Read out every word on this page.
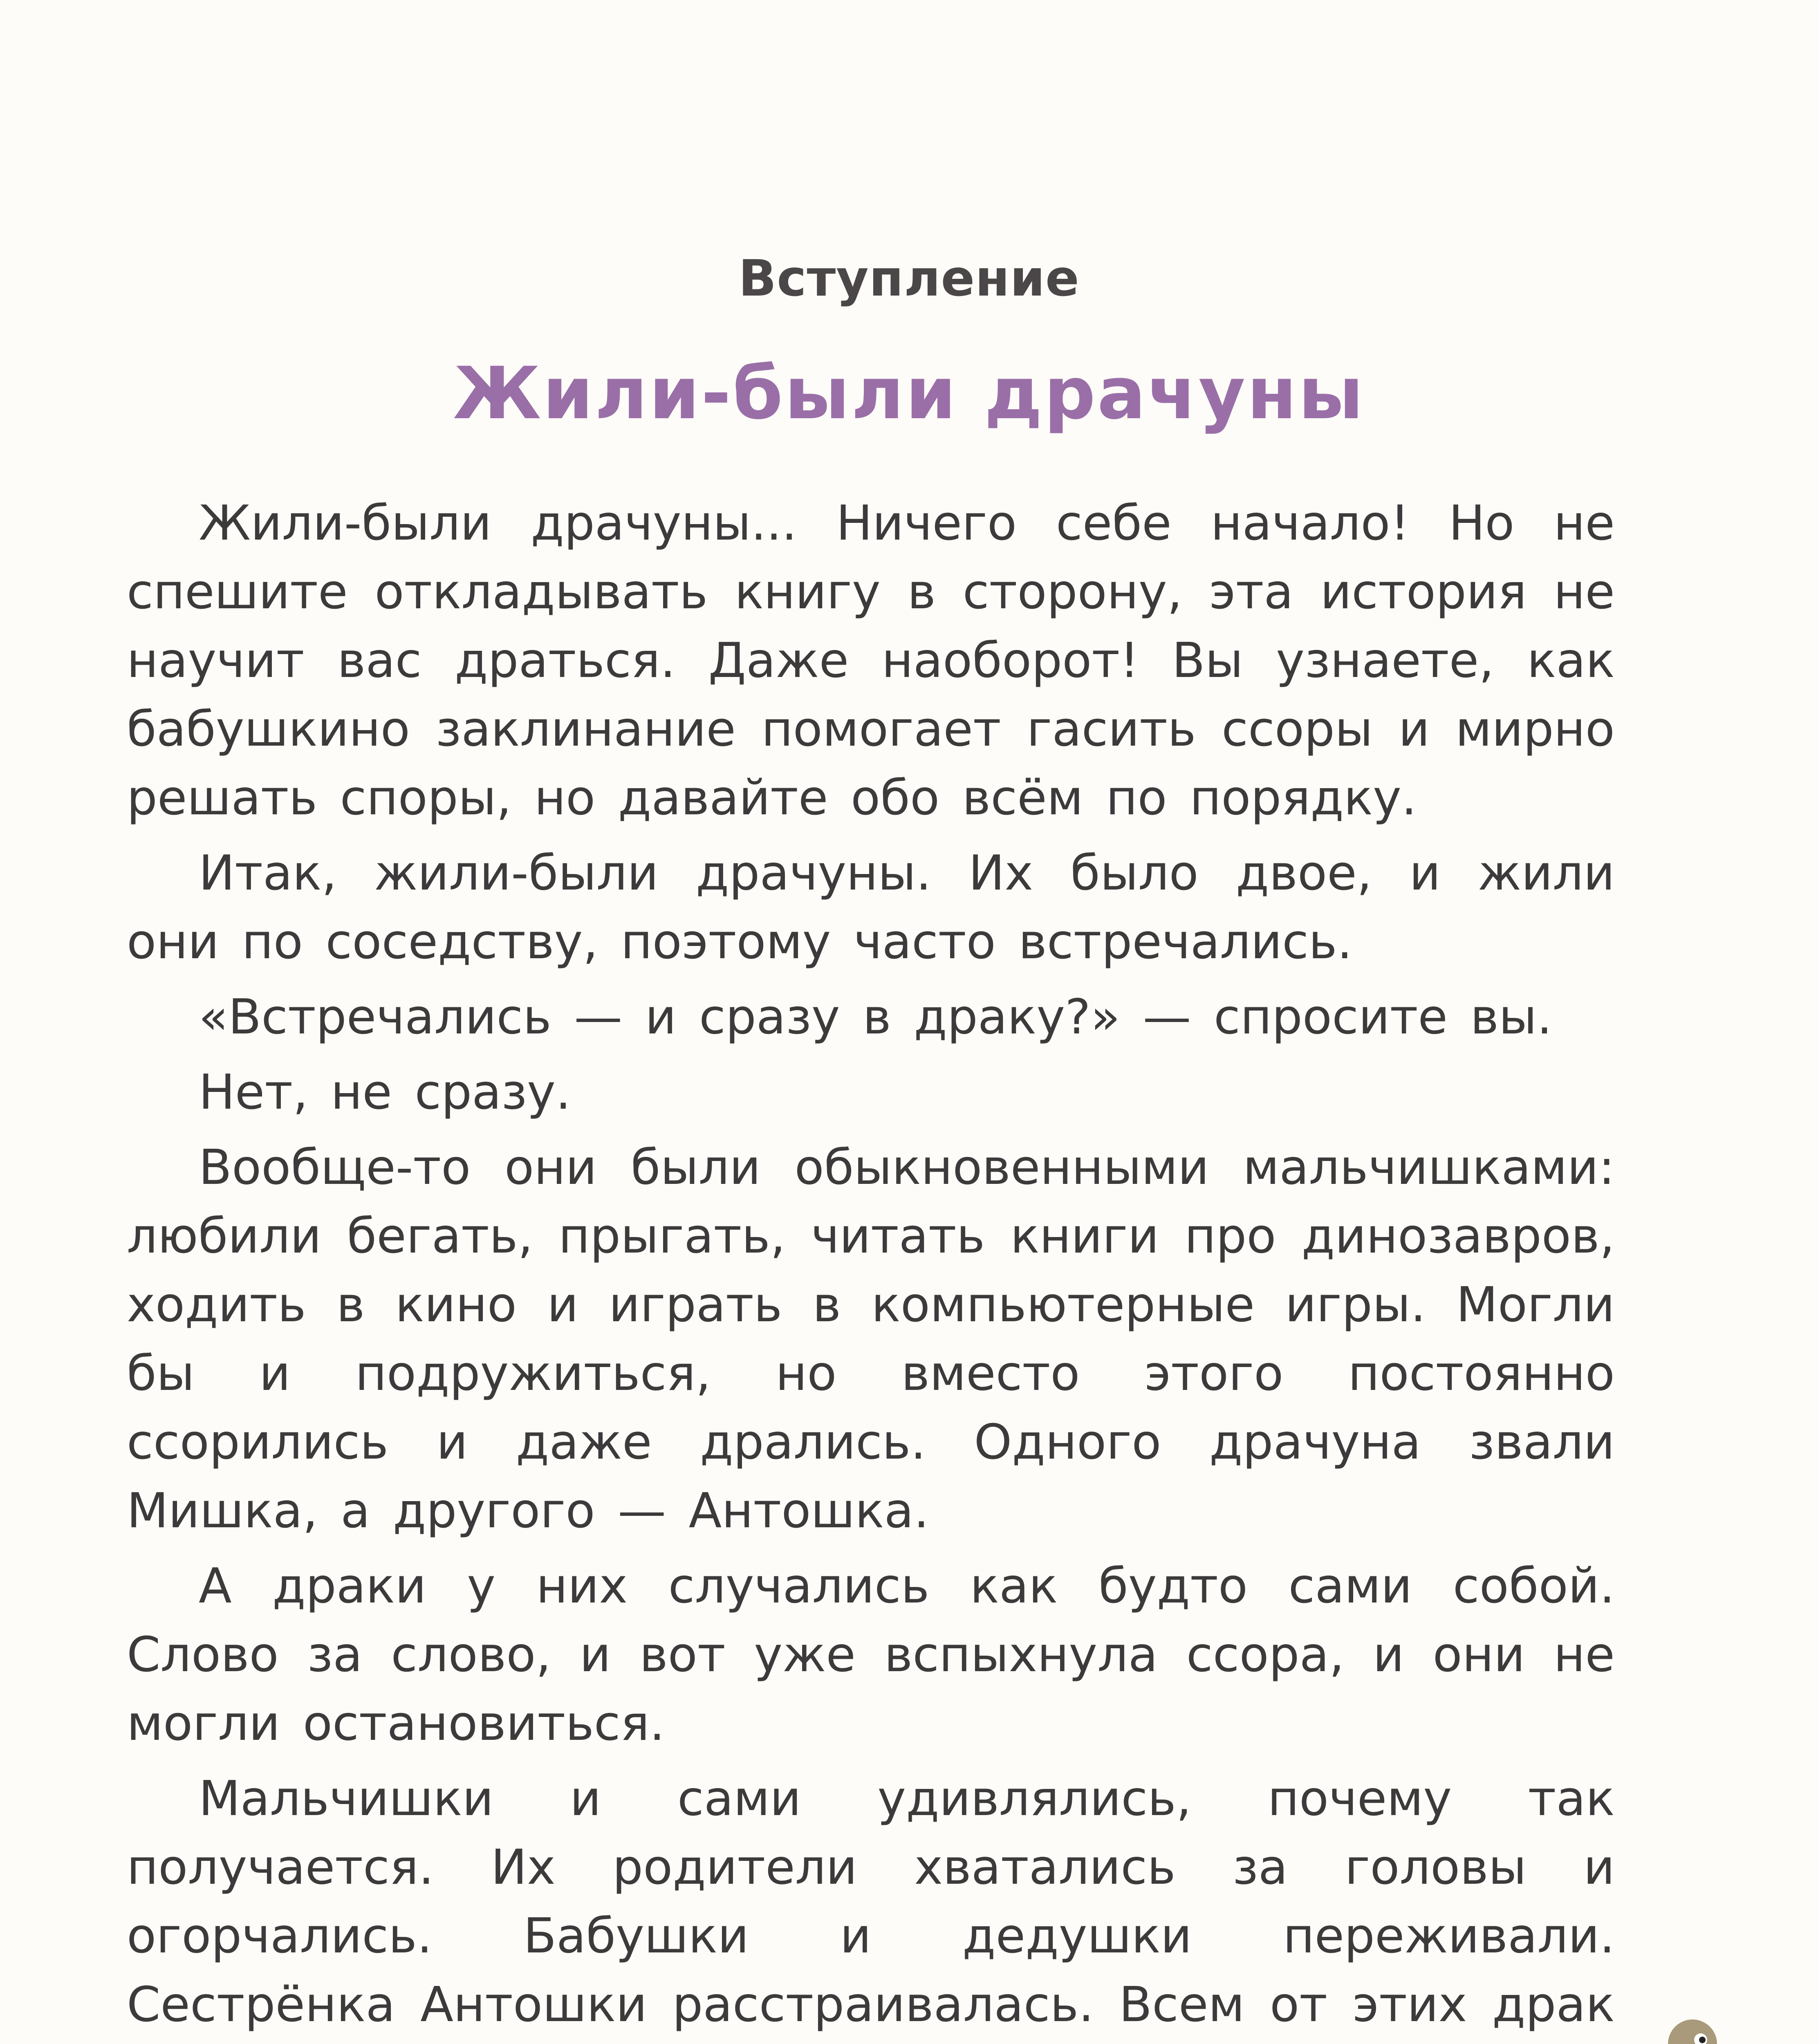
Вступление
Жили-были драчуны

Жили-были драчуны... Ничего себе начало! Но не спешите откладывать книгу в сторону, эта история не научит вас драться. Даже наоборот! Вы узнаете, как бабушкино заклинание помогает гасить ссоры и мирно решать споры, но давайте обо всём по порядку.

Итак, жили-были драчуны. Их было двое, и жили они по соседству, поэтому часто встречались.

«Встречались — и сразу в драку?» — спросите вы.

Нет, не сразу.

Вообще-то они были обыкновенными мальчишками: любили бегать, прыгать, читать книги про динозавров, ходить в кино и играть в компьютерные игры. Могли бы и подружиться, но вместо этого постоянно ссорились и даже дрались. Одного драчуна звали Мишка, а другого — Антошка.

А драки у них случались как будто сами собой. Слово за слово, и вот уже вспыхнула ссора, и они не могли остановиться.

Мальчишки и сами удивлялись, почему так получается. Их родители хватались за головы и огорчались. Бабушки и дедушки переживали. Сестрёнка Антошки расстраивалась. Всем от этих драк
